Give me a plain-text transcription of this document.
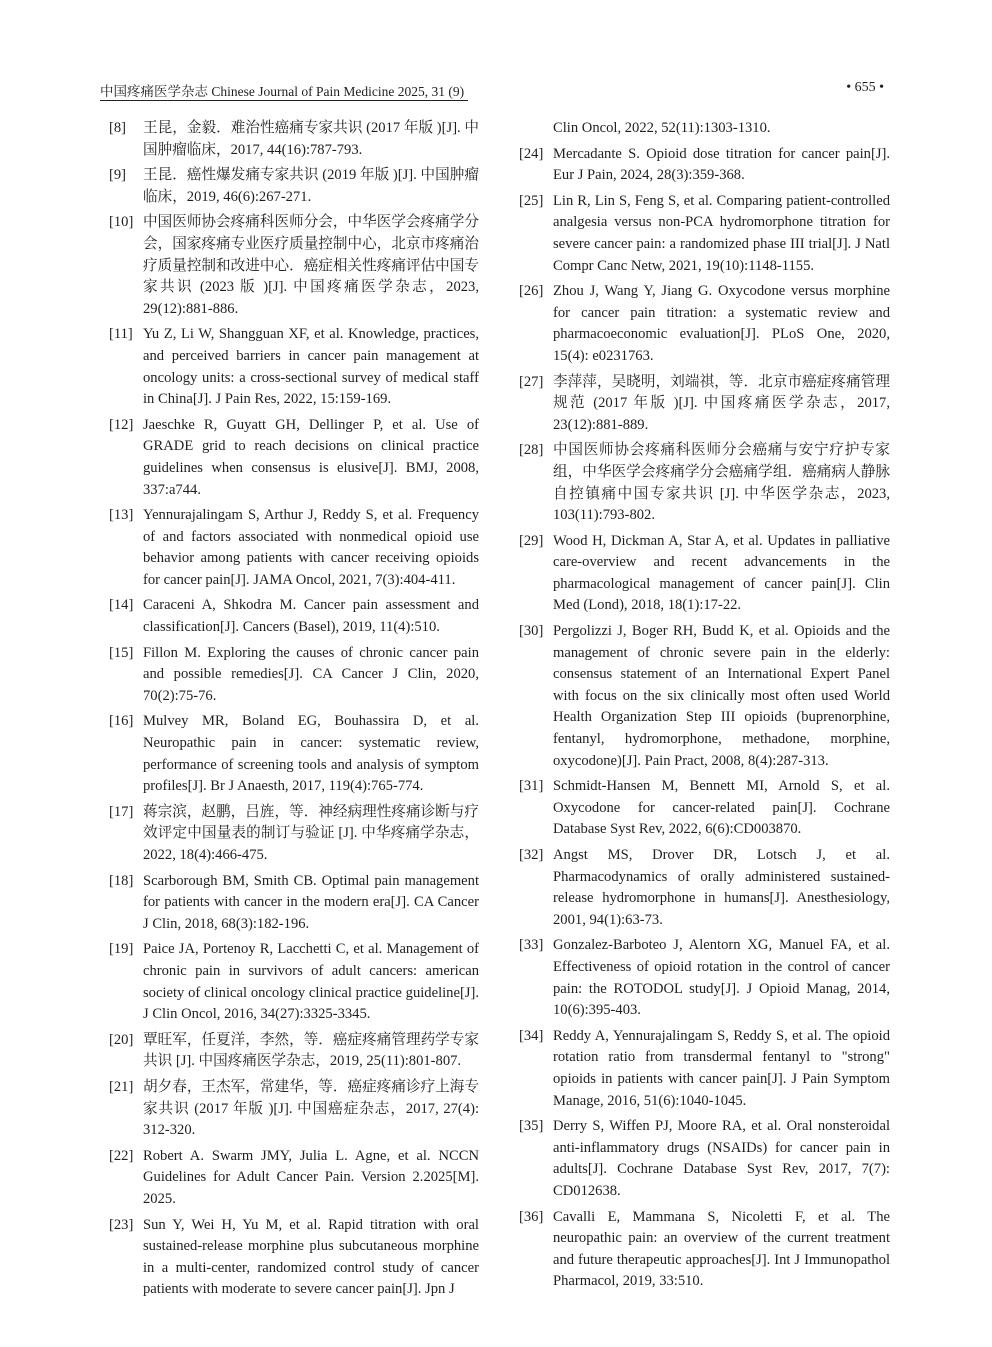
中国疼痛医学杂志 Chinese Journal of Pain Medicine 2025, 31 (9)	• 655 •
[8] 王昆，金毅．难治性癌痛专家共识 (2017 年版 )[J]. 中国肿瘤临床，2017, 44(16):787-793.
[9] 王昆．癌性爆发痛专家共识 (2019 年版 )[J]. 中国肿瘤临床，2019, 46(6):267-271.
[10] 中国医师协会疼痛科医师分会，中华医学会疼痛学分会，国家疼痛专业医疗质量控制中心，北京市疼痛治疗质量控制和改进中心．癌症相关性疼痛评估中国专家共识 (2023 版 )[J]. 中国疼痛医学杂志，2023, 29(12):881-886.
[11] Yu Z, Li W, Shangguan XF, et al. Knowledge, practices, and perceived barriers in cancer pain management at oncology units: a cross-sectional survey of medical staff in China[J]. J Pain Res, 2022, 15:159-169.
[12] Jaeschke R, Guyatt GH, Dellinger P, et al. Use of GRADE grid to reach decisions on clinical practice guidelines when consensus is elusive[J]. BMJ, 2008, 337:a744.
[13] Yennurajalingam S, Arthur J, Reddy S, et al. Frequency of and factors associated with nonmedical opioid use behavior among patients with cancer receiving opioids for cancer pain[J]. JAMA Oncol, 2021, 7(3):404-411.
[14] Caraceni A, Shkodra M. Cancer pain assessment and classification[J]. Cancers (Basel), 2019, 11(4):510.
[15] Fillon M. Exploring the causes of chronic cancer pain and possible remedies[J]. CA Cancer J Clin, 2020, 70(2):75-76.
[16] Mulvey MR, Boland EG, Bouhassira D, et al. Neuropathic pain in cancer: systematic review, performance of screening tools and analysis of symptom profiles[J]. Br J Anaesth, 2017, 119(4):765-774.
[17] 蒋宗滨，赵鹏，吕旌，等．神经病理性疼痛诊断与疗效评定中国量表的制订与验证 [J]. 中华疼痛学杂志，2022, 18(4):466-475.
[18] Scarborough BM, Smith CB. Optimal pain management for patients with cancer in the modern era[J]. CA Cancer J Clin, 2018, 68(3):182-196.
[19] Paice JA, Portenoy R, Lacchetti C, et al. Management of chronic pain in survivors of adult cancers: american society of clinical oncology clinical practice guideline[J]. J Clin Oncol, 2016, 34(27):3325-3345.
[20] 覃旺军，任夏洋，李然，等．癌症疼痛管理药学专家共识 [J]. 中国疼痛医学杂志，2019, 25(11):801-807.
[21] 胡夕春，王杰军，常建华，等．癌症疼痛诊疗上海专家共识 (2017 年版 )[J]. 中国癌症杂志，2017, 27(4): 312-320.
[22] Robert A. Swarm JMY, Julia L. Agne, et al. NCCN Guidelines for Adult Cancer Pain. Version 2.2025[M]. 2025.
[23] Sun Y, Wei H, Yu M, et al. Rapid titration with oral sustained-release morphine plus subcutaneous morphine in a multi-center, randomized control study of cancer patients with moderate to severe cancer pain[J]. Jpn J
Clin Oncol, 2022, 52(11):1303-1310.
[24] Mercadante S. Opioid dose titration for cancer pain[J]. Eur J Pain, 2024, 28(3):359-368.
[25] Lin R, Lin S, Feng S, et al. Comparing patient-controlled analgesia versus non-PCA hydromorphone titration for severe cancer pain: a randomized phase III trial[J]. J Natl Compr Canc Netw, 2021, 19(10):1148-1155.
[26] Zhou J, Wang Y, Jiang G. Oxycodone versus morphine for cancer pain titration: a systematic review and pharmacoeconomic evaluation[J]. PLoS One, 2020, 15(4): e0231763.
[27] 李萍萍，吴晓明，刘端祺，等．北京市癌症疼痛管理规范 (2017 年版 )[J]. 中国疼痛医学杂志，2017, 23(12):881-889.
[28] 中国医师协会疼痛科医师分会癌痛与安宁疗护专家组，中华医学会疼痛学分会癌痛学组．癌痛病人静脉自控镇痛中国专家共识 [J]. 中华医学杂志，2023, 103(11):793-802.
[29] Wood H, Dickman A, Star A, et al. Updates in palliative care-overview and recent advancements in the pharmacological management of cancer pain[J]. Clin Med (Lond), 2018, 18(1):17-22.
[30] Pergolizzi J, Boger RH, Budd K, et al. Opioids and the management of chronic severe pain in the elderly: consensus statement of an International Expert Panel with focus on the six clinically most often used World Health Organization Step III opioids (buprenorphine, fentanyl, hydromorphone, methadone, morphine, oxycodone)[J]. Pain Pract, 2008, 8(4):287-313.
[31] Schmidt-Hansen M, Bennett MI, Arnold S, et al. Oxycodone for cancer-related pain[J]. Cochrane Database Syst Rev, 2022, 6(6):CD003870.
[32] Angst MS, Drover DR, Lotsch J, et al. Pharmacodynamics of orally administered sustained-release hydromorphone in humans[J]. Anesthesiology, 2001, 94(1):63-73.
[33] Gonzalez-Barboteo J, Alentorn XG, Manuel FA, et al. Effectiveness of opioid rotation in the control of cancer pain: the ROTODOL study[J]. J Opioid Manag, 2014, 10(6):395-403.
[34] Reddy A, Yennurajalingam S, Reddy S, et al. The opioid rotation ratio from transdermal fentanyl to "strong" opioids in patients with cancer pain[J]. J Pain Symptom Manage, 2016, 51(6):1040-1045.
[35] Derry S, Wiffen PJ, Moore RA, et al. Oral nonsteroidal anti-inflammatory drugs (NSAIDs) for cancer pain in adults[J]. Cochrane Database Syst Rev, 2017, 7(7): CD012638.
[36] Cavalli E, Mammana S, Nicoletti F, et al. The neuropathic pain: an overview of the current treatment and future therapeutic approaches[J]. Int J Immunopathol Pharmacol, 2019, 33:510.
